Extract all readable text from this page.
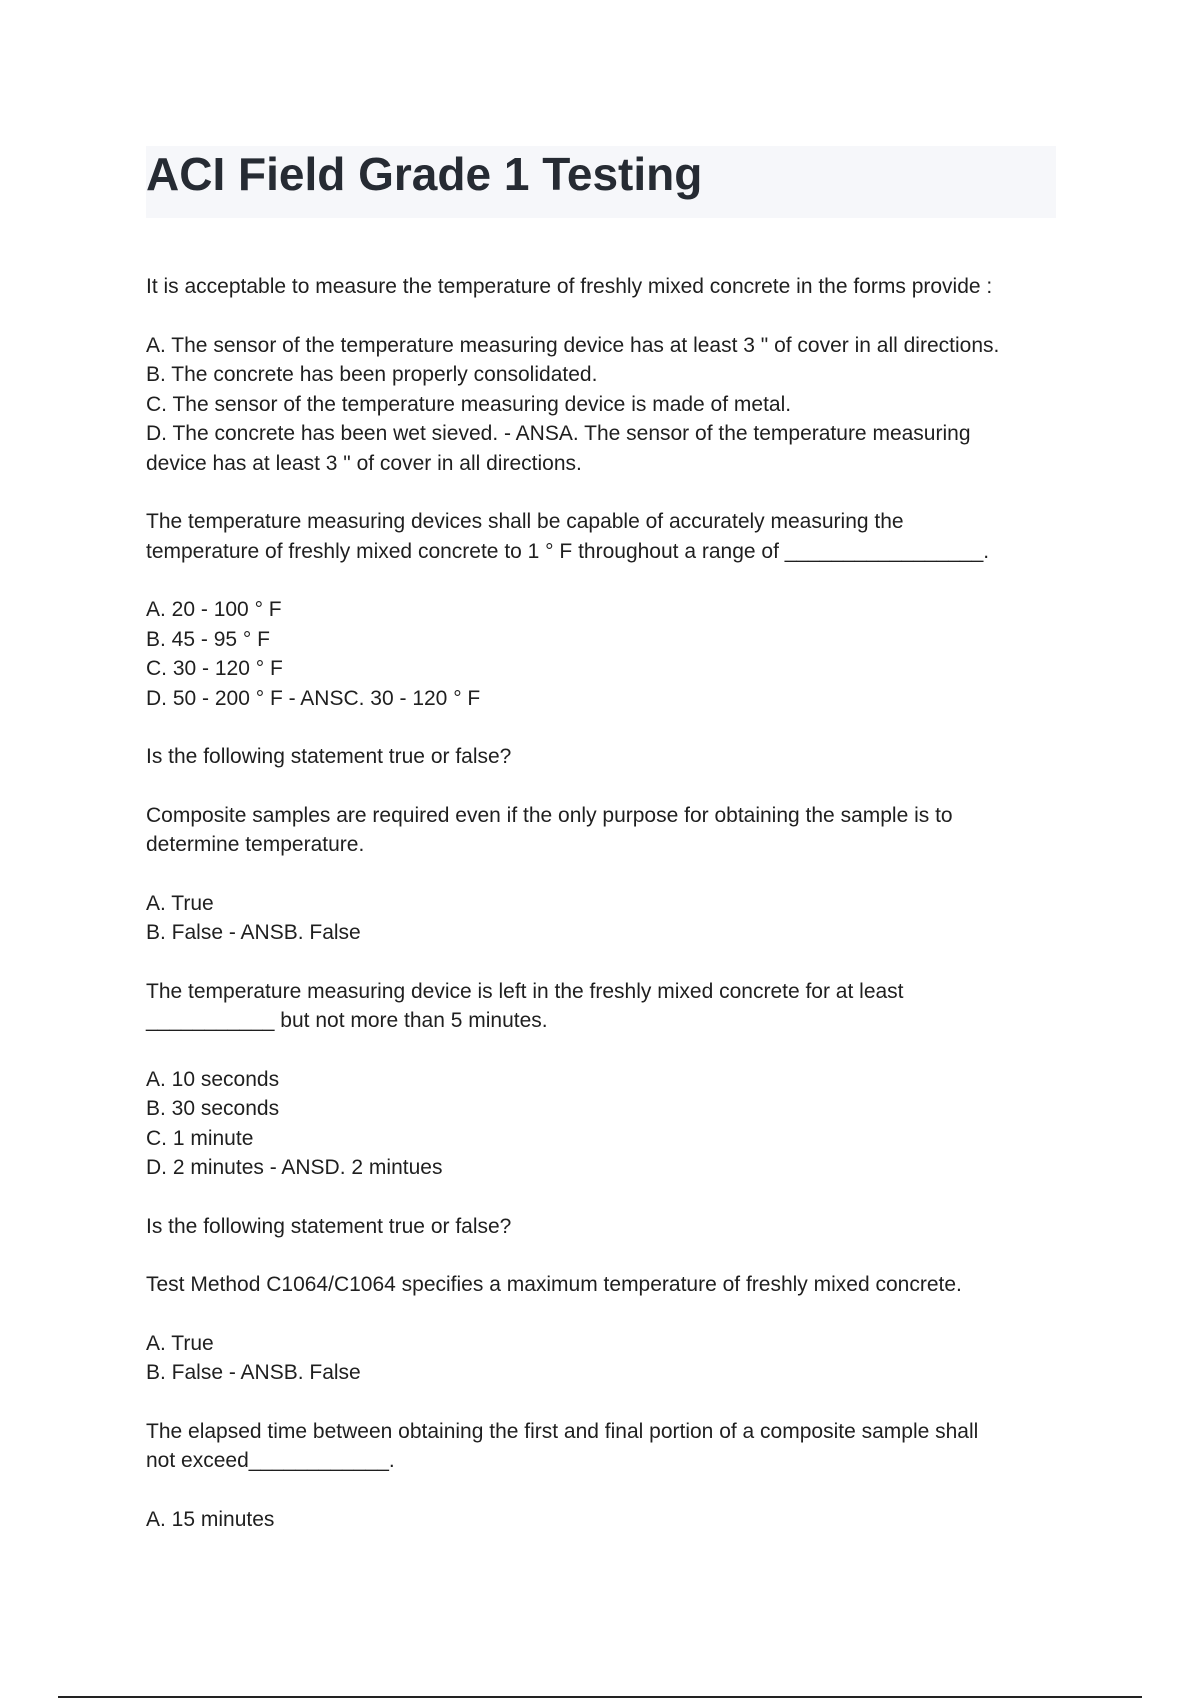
ACI Field Grade 1 Testing

It is acceptable to measure the temperature of freshly mixed concrete in the forms provide :

A. The sensor of the temperature measuring device has at least 3 " of cover in all directions.
B. The concrete has been properly consolidated.
C. The sensor of the temperature measuring device is made of metal.
D. The concrete has been wet sieved. - ANSA. The sensor of the temperature measuring
device has at least 3 " of cover in all directions.

The temperature measuring devices shall be capable of accurately measuring the
temperature of freshly mixed concrete to 1 ° F throughout a range of _________________.

A. 20 - 100 ° F
B. 45 - 95 ° F
C. 30 - 120 ° F
D. 50 - 200 ° F - ANSC. 30 - 120 ° F

Is the following statement true or false?

Composite samples are required even if the only purpose for obtaining the sample is to
determine temperature.

A. True
B. False - ANSB. False

The temperature measuring device is left in the freshly mixed concrete for at least
___________ but not more than 5 minutes.

A. 10 seconds
B. 30 seconds
C. 1 minute
D. 2 minutes - ANSD. 2 mintues

Is the following statement true or false?

Test Method C1064/C1064 specifies a maximum temperature of freshly mixed concrete.

A. True
B. False - ANSB. False

The elapsed time between obtaining the first and final portion of a composite sample shall
not exceed____________.

A. 15 minutes
